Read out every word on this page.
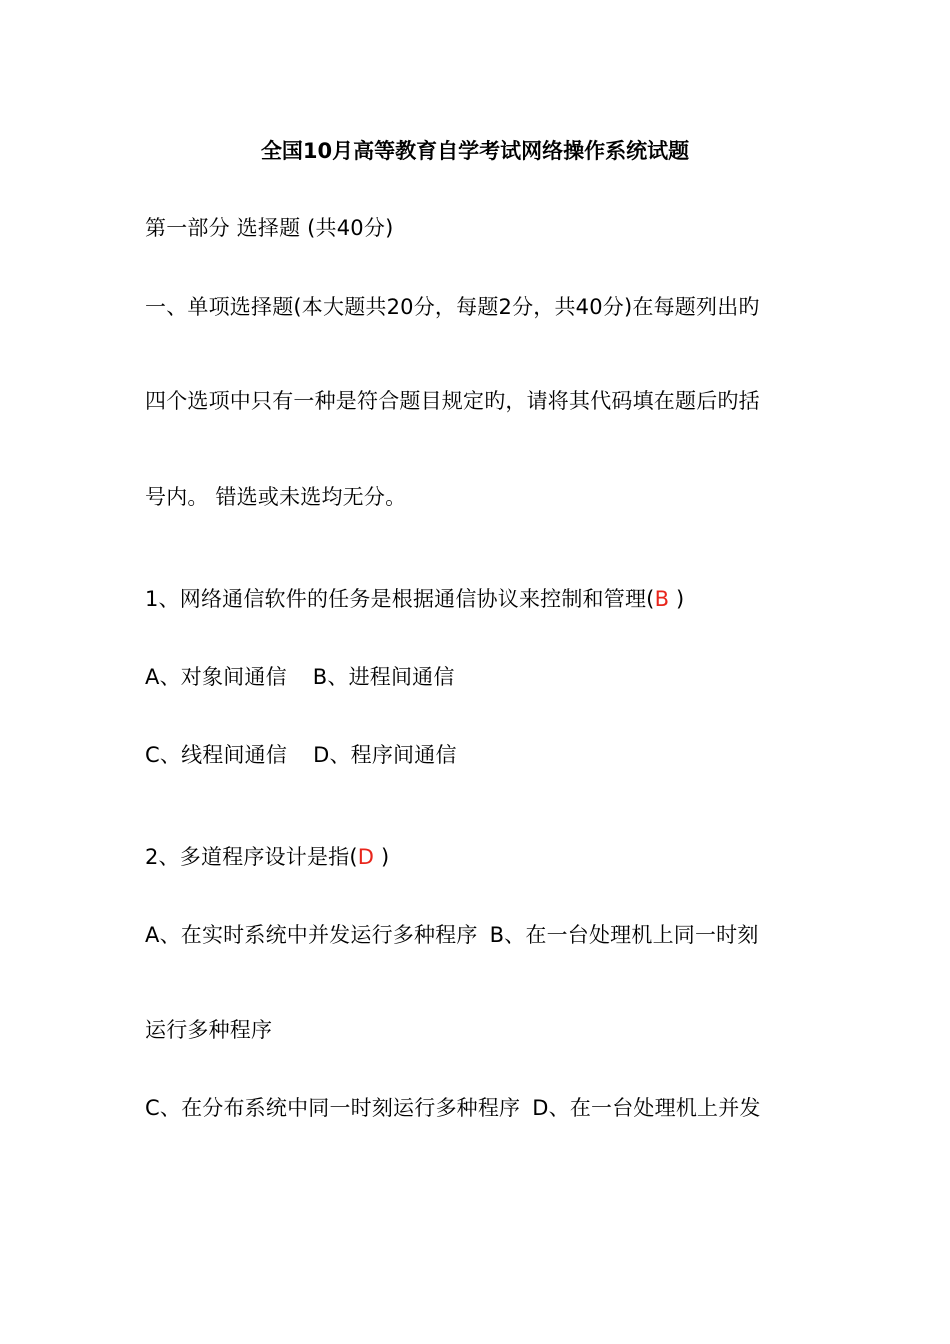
全国10月高等教育自学考试网络操作系统试题
第一部分 选择题 (共40分)
一、单项选择题(本大题共20分，每题2分，共40分)在每题列出旳
四个选项中只有一种是符合题目规定旳，请将其代码填在题后旳括
号内。 错选或未选均无分。
1、网络通信软件的任务是根据通信协议来控制和管理(B )
A、对象间通信 B、进程间通信
C、线程间通信 D、程序间通信
2、多道程序设计是指(D )
A、在实时系统中并发运行多种程序 B、在一台处理机上同一时刻
运行多种程序
C、在分布系统中同一时刻运行多种程序 D、在一台处理机上并发
